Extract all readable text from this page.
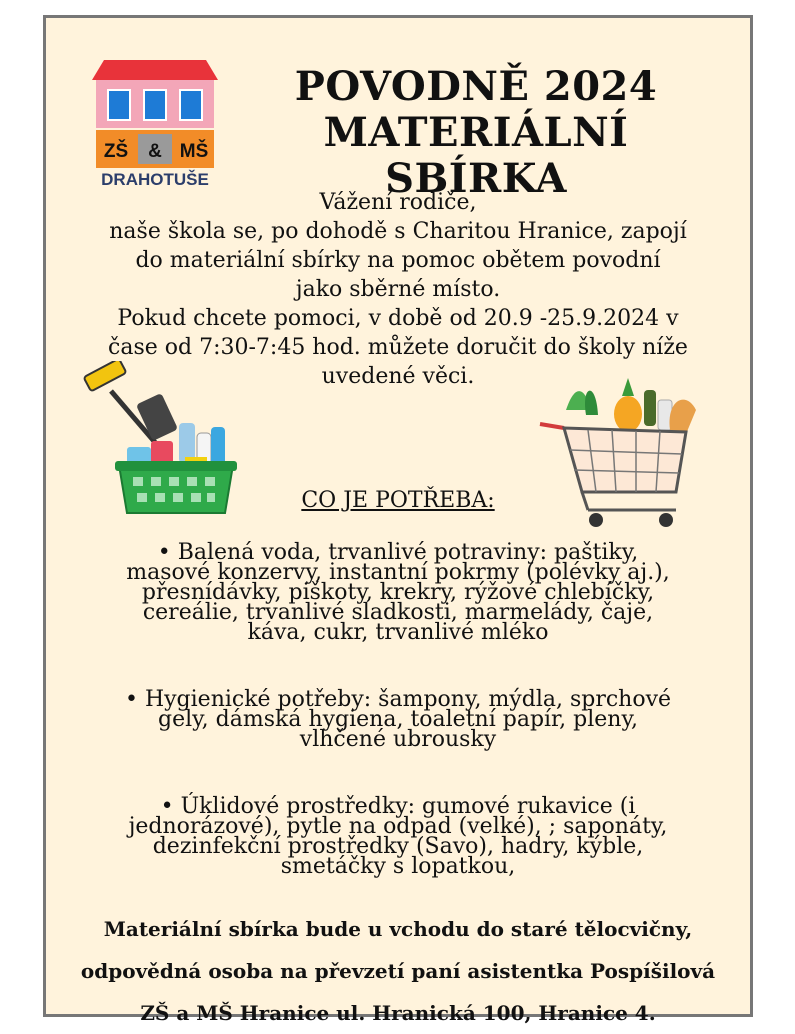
ZŠ & MŠ
DRAHOTUŠE
POVODNĚ 2024
MATERIÁLNÍ SBÍRKA
Vážení rodiče,
naše škola se, po dohodě s Charitou Hranice, zapojí
do materiální sbírky na pomoc obětem povodní
jako sběrné místo.
Pokud chcete pomoci, v době od 20.9 -25.9.2024 v
čase od 7:30-7:45 hod. můžete doručit do školy níže
uvedené věci.
CO JE POTŘEBA:
• Balená voda, trvanlivé potraviny: paštiky,
masové konzervy, instantní pokrmy (polévky aj.),
přesnídávky, piškoty, krekry, rýžové chlebíčky,
cereálie, trvanlivé sladkosti, marmelády, čaje,
káva, cukr, trvanlivé mléko
• Hygienické potřeby: šampony, mýdla, sprchové
gely, dámská hygiena, toaletní papír, pleny,
vlhčené ubrousky
• Úklidové prostředky: gumové rukavice (i
jednorázové), pytle na odpad (velké), ; saponáty,
dezinfekční prostředky (Savo), hadry, kýble,
smetáčky s lopatkou,
Materiální sbírka bude u vchodu do staré tělocvičny,
odpovědná osoba na převzetí paní asistentka Pospíšilová
ZŠ a MŠ Hranice ul. Hranická 100, Hranice 4.
